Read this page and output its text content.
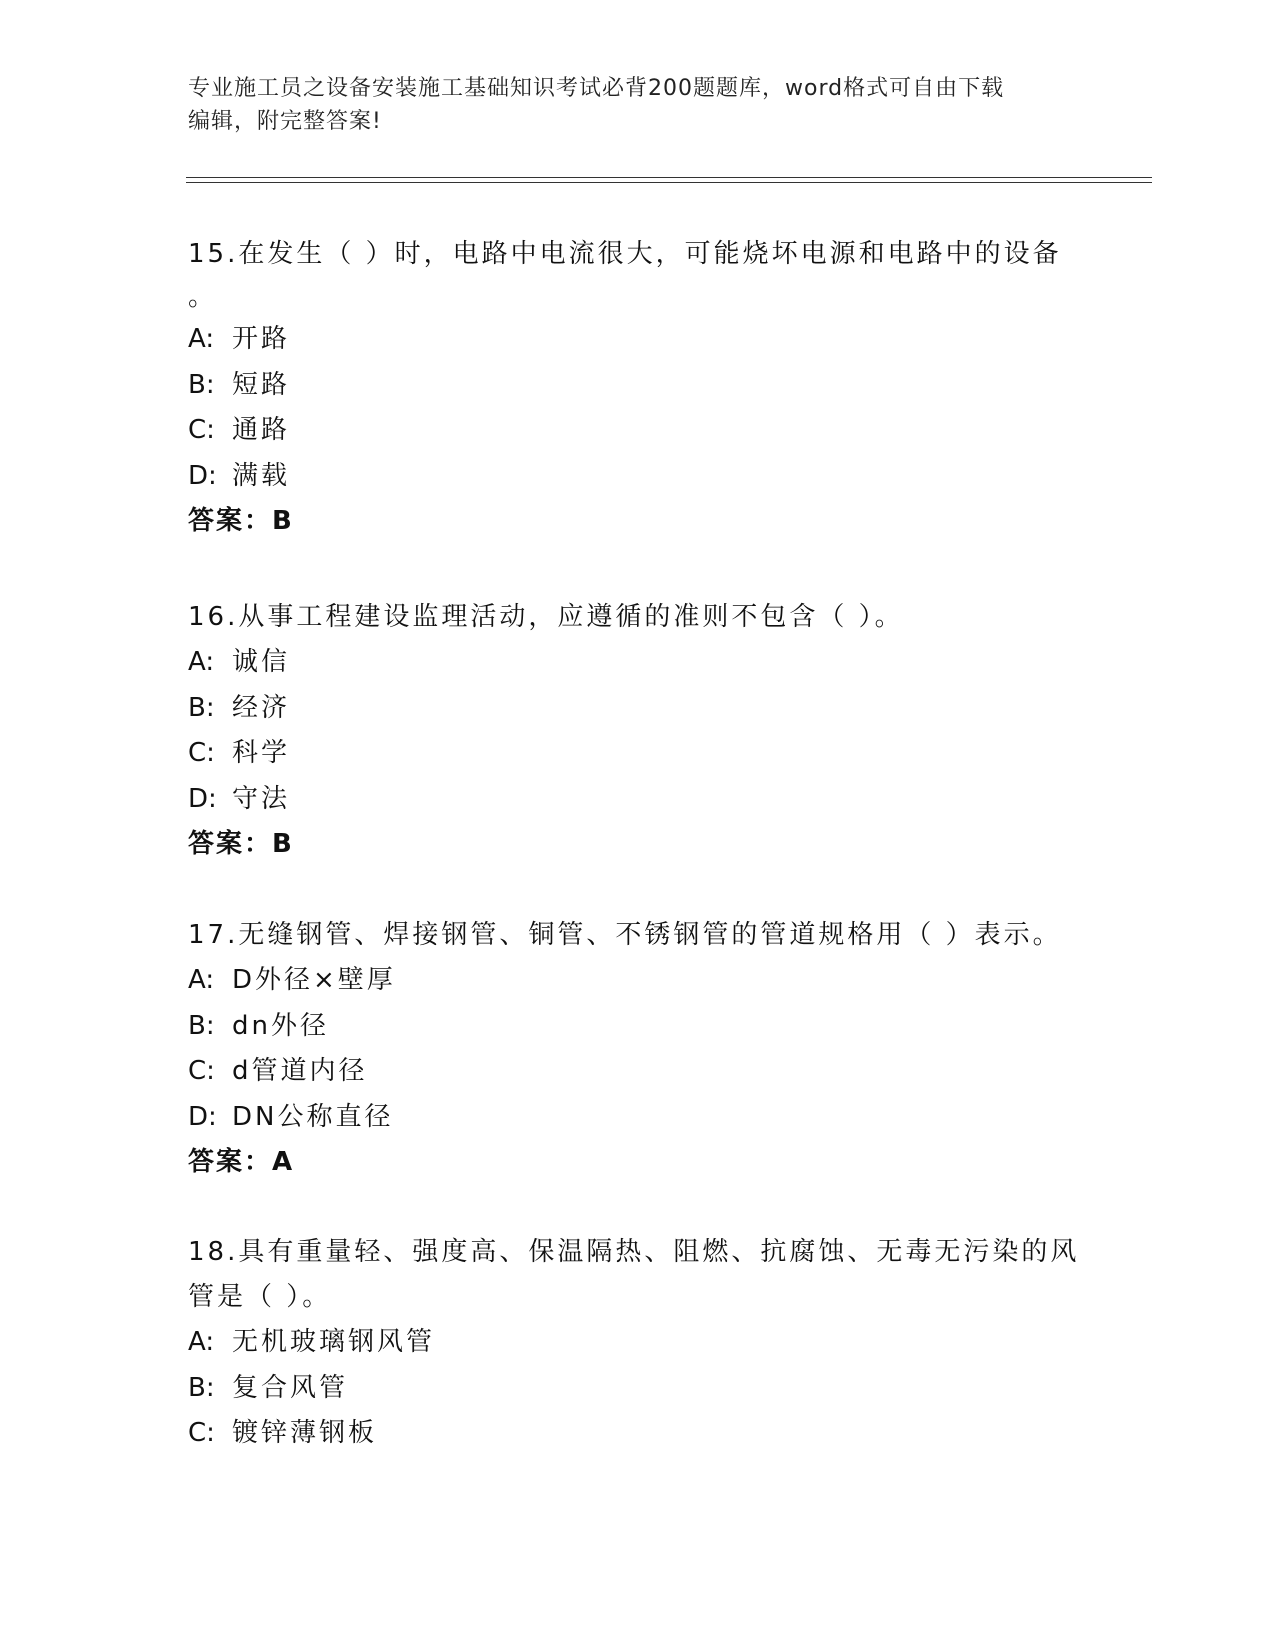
专业施工员之设备安装施工基础知识考试必背200题题库，word格式可自由下载
编辑，附完整答案!

15.在发生（ ）时，电路中电流很大，可能烧坏电源和电路中的设备

。

A: 开路

B: 短路

C: 通路

D: 满载

答案：B

16.从事工程建设监理活动，应遵循的准则不包含（ ）。

A: 诚信

B: 经济

C: 科学

D: 守法

答案：B

17.无缝钢管、焊接钢管、铜管、不锈钢管的管道规格用（ ）表示。

A: D外径×壁厚

B: dn外径

C: d管道内径

D: DN公称直径

答案：A

18.具有重量轻、强度高、保温隔热、阻燃、抗腐蚀、无毒无污染的风

管是（ ）。

A: 无机玻璃钢风管

B: 复合风管

C: 镀锌薄钢板
